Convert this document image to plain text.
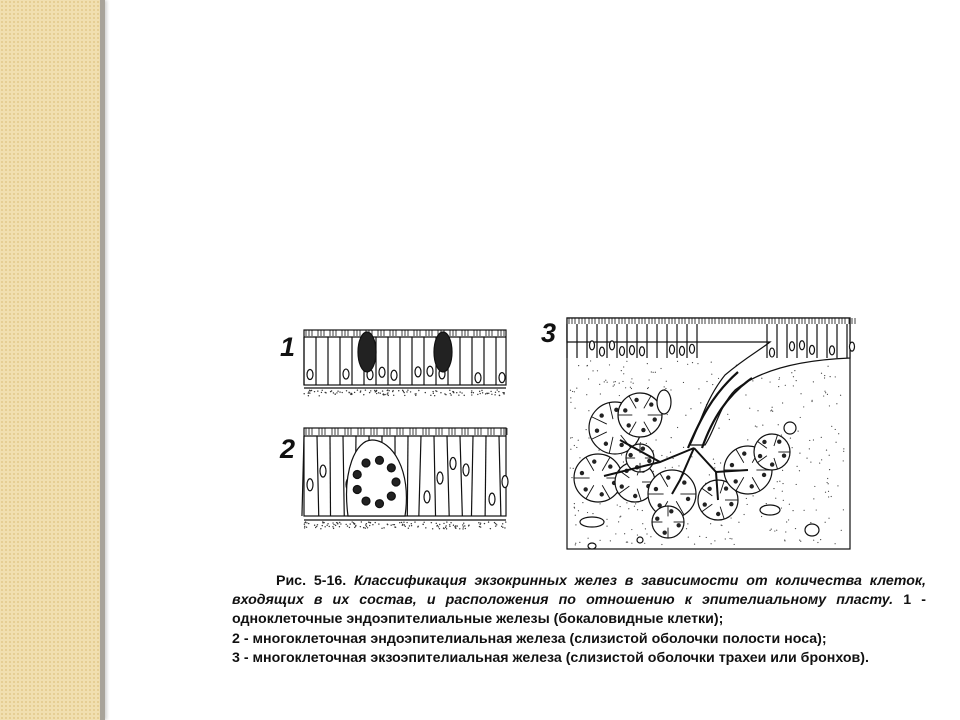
1
2
3
Рис. 5-16. Классификация экзокринных желез в зависимости от количества клеток, входящих в их состав, и расположения по отношению к эпителиальному пласту. 1 - одноклеточные эндоэпителиальные железы (бокаловидные клетки);
2 - многоклеточная эндоэпителиальная железа (слизистой оболочки полости носа);
3 - многоклеточная экзоэпителиальная железа (слизистой оболочки трахеи или бронхов).
